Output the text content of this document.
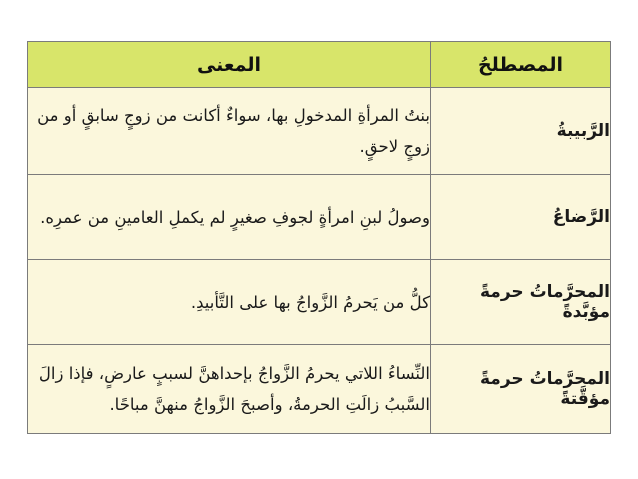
المصطلحُ	المعنى
الرَّبيبةُ	بنتُ المرأةِ المدخولِ بها، سواءٌ أكانت من زوجٍ سابقٍ أو من زوجٍ لاحقٍ.
الرَّضاعُ	وصولُ لبنِ امرأةٍ لجوفِ صغيرٍ لم يكملِ العامينِ من عمرِه.
المحرَّماتُ حرمةً مؤبَّدةً	كلُّ من يَحرمُ الزَّواجُ بها على التَّأبيدِ.
المحرَّماتُ حرمةً مؤقَّتةً	النِّساءُ اللاتي يحرمُ الزَّواجُ بإحداهنَّ لسببٍ عارضٍ، فإذا زالَ السَّببُ زالَتِ الحرمةُ، وأصبحَ الزَّواجُ منهنَّ مباحًا.
